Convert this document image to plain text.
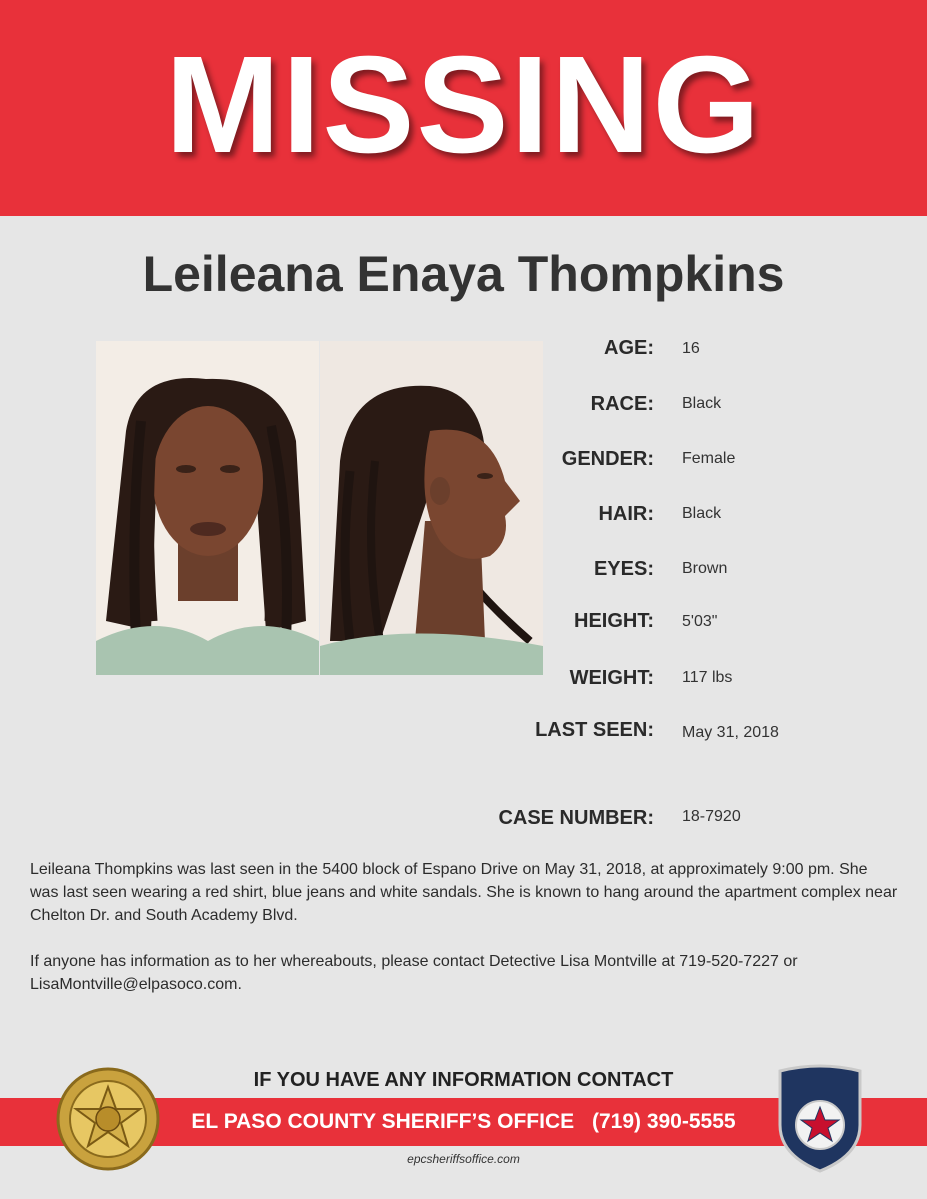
MISSING
Leileana Enaya Thompkins
AGE: 16
RACE: Black
GENDER: Female
HAIR: Black
EYES: Brown
HEIGHT: 5'03"
WEIGHT: 117 lbs
LAST SEEN: May 31, 2018
CASE NUMBER: 18-7920

Leileana Thompkins was last seen in the 5400 block of Espano Drive on May 31, 2018, at approximately 9:00 pm. She was last seen wearing a red shirt, blue jeans and white sandals. She is known to hang around the apartment complex near Chelton Dr. and South Academy Blvd.

If anyone has information as to her whereabouts, please contact Detective Lisa Montville at 719-520-7227 or LisaMontville@elpasoco.com.

IF YOU HAVE ANY INFORMATION CONTACT
EL PASO COUNTY SHERIFF’S OFFICE (719) 390-5555
epcsheriffsoffice.com
